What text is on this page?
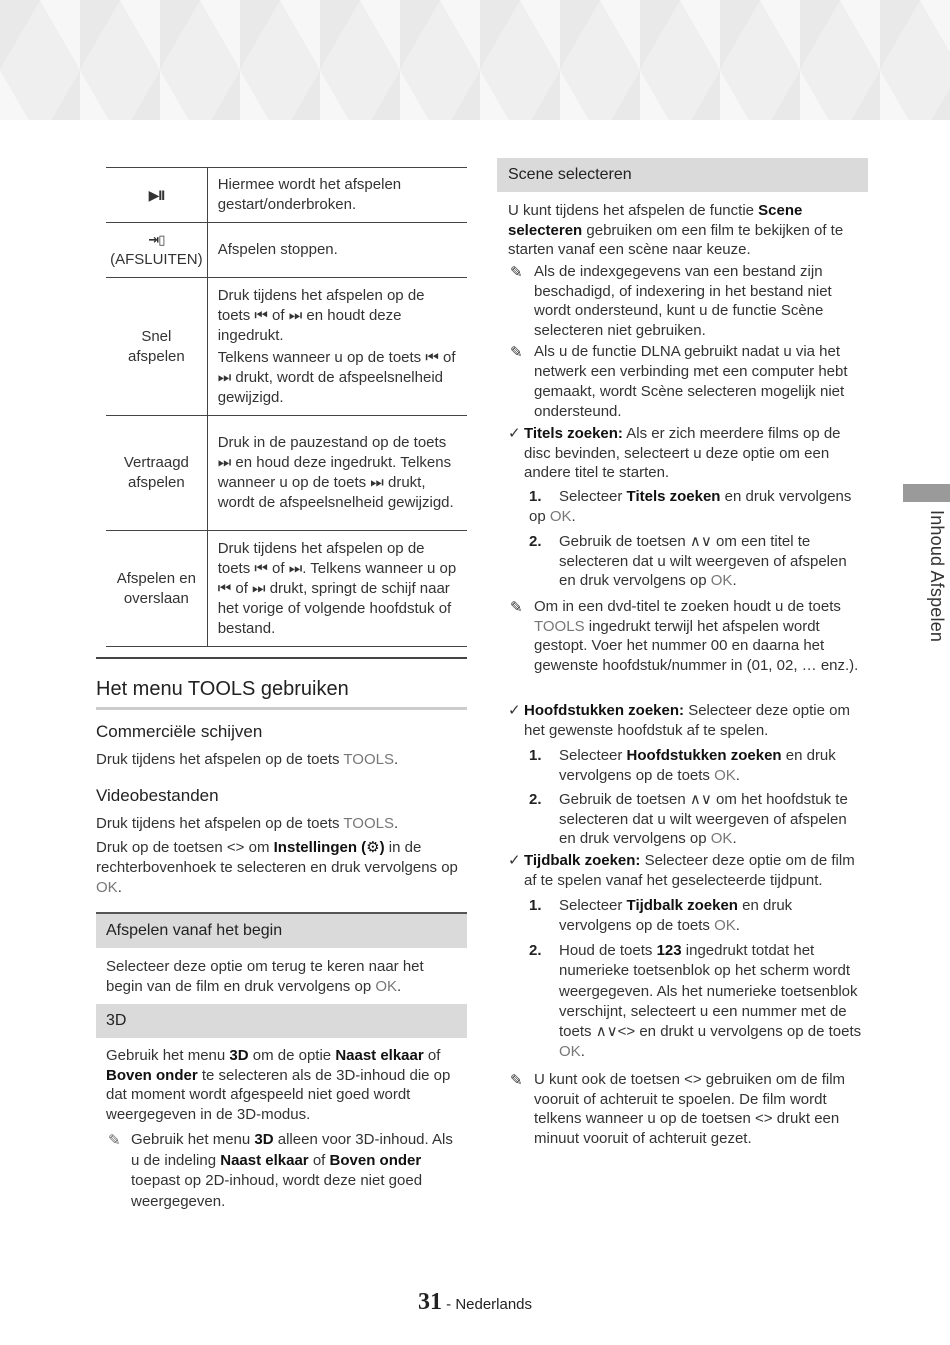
Inhoud Afspelen
▶II	Hiermee wordt het afspelen gestart/onderbroken.

⇥▯
(AFSLUITEN)	Afspelen stoppen.

Snel afspelen	Druk tijdens het afspelen op de toets ⏮ of ⏭ en houdt deze ingedrukt.

Telkens wanneer u op de toets ⏮ of ⏭ drukt, wordt de afspeelsnelheid gewijzigd.

Vertraagd afspelen	Druk in de pauzestand op de toets ⏭ en houd deze ingedrukt. Telkens wanneer u op de toets ⏭ drukt, wordt de afspeelsnelheid gewijzigd.

Afspelen en overslaan	Druk tijdens het afspelen op de toets ⏮ of ⏭. Telkens wanneer u op ⏮ of ⏭ drukt, springt de schijf naar het vorige of volgende hoofdstuk of bestand.

Het menu TOOLS gebruiken
Commerciële schijven

Druk tijdens het afspelen op de toets TOOLS.

Videobestanden

Druk tijdens het afspelen op de toets TOOLS.

Druk op de toetsen <> om Instellingen (⚙) in de rechterbovenhoek te selecteren en druk vervolgens op OK.

Afspelen vanaf het begin

Selecteer deze optie om terug te keren naar het begin van de film en druk vervolgens op OK.

3D

Gebruik het menu 3D om de optie Naast elkaar of Boven onder te selecteren als de 3D-inhoud die op dat moment wordt afgespeeld niet goed wordt weergegeven in de 3D-modus.

✎ Gebruik het menu 3D alleen voor 3D-inhoud. Als u de indeling Naast elkaar of Boven onder toepast op 2D-inhoud, wordt deze niet goed weergegeven.

Scene selecteren

U kunt tijdens het afspelen de functie Scene selecteren gebruiken om een film te bekijken of te starten vanaf een scène naar keuze.

✎ Als de indexgegevens van een bestand zijn beschadigd, of indexering in het bestand niet wordt ondersteund, kunt u de functie Scène selecteren niet gebruiken.

✎ Als u de functie DLNA gebruikt nadat u via het netwerk een verbinding met een computer hebt gemaakt, wordt Scène selecteren mogelijk niet ondersteund.

✓ Titels zoeken: Als er zich meerdere films op de disc bevinden, selecteert u deze optie om een andere titel te starten.

1. Selecteer Titels zoeken en druk vervolgens op OK.

2. Gebruik de toetsen ∧∨ om een titel te selecteren dat u wilt weergeven of afspelen en druk vervolgens op OK.

✎ Om in een dvd-titel te zoeken houdt u de toets TOOLS ingedrukt terwijl het afspelen wordt gestopt. Voer het nummer 00 en daarna het gewenste hoofdstuk/nummer in (01, 02, … enz.).

✓ Hoofdstukken zoeken: Selecteer deze optie om het gewenste hoofdstuk af te spelen.

1. Selecteer Hoofdstukken zoeken en druk vervolgens op de toets OK.

2. Gebruik de toetsen ∧∨ om het hoofdstuk te selecteren dat u wilt weergeven of afspelen en druk vervolgens op OK.

✓ Tijdbalk zoeken: Selecteer deze optie om de film af te spelen vanaf het geselecteerde tijdpunt.

1. Selecteer Tijdbalk zoeken en druk vervolgens op de toets OK.

2. Houd de toets 123 ingedrukt totdat het numerieke toetsenblok op het scherm wordt weergegeven. Als het numerieke toetsenblok verschijnt, selecteert u een nummer met de toets ∧∨<> en drukt u vervolgens op de toets OK.

✎ U kunt ook de toetsen <> gebruiken om de film vooruit of achteruit te spoelen. De film wordt telkens wanneer u op de toetsen <> drukt een minuut vooruit of achteruit gezet.

31 - Nederlands
